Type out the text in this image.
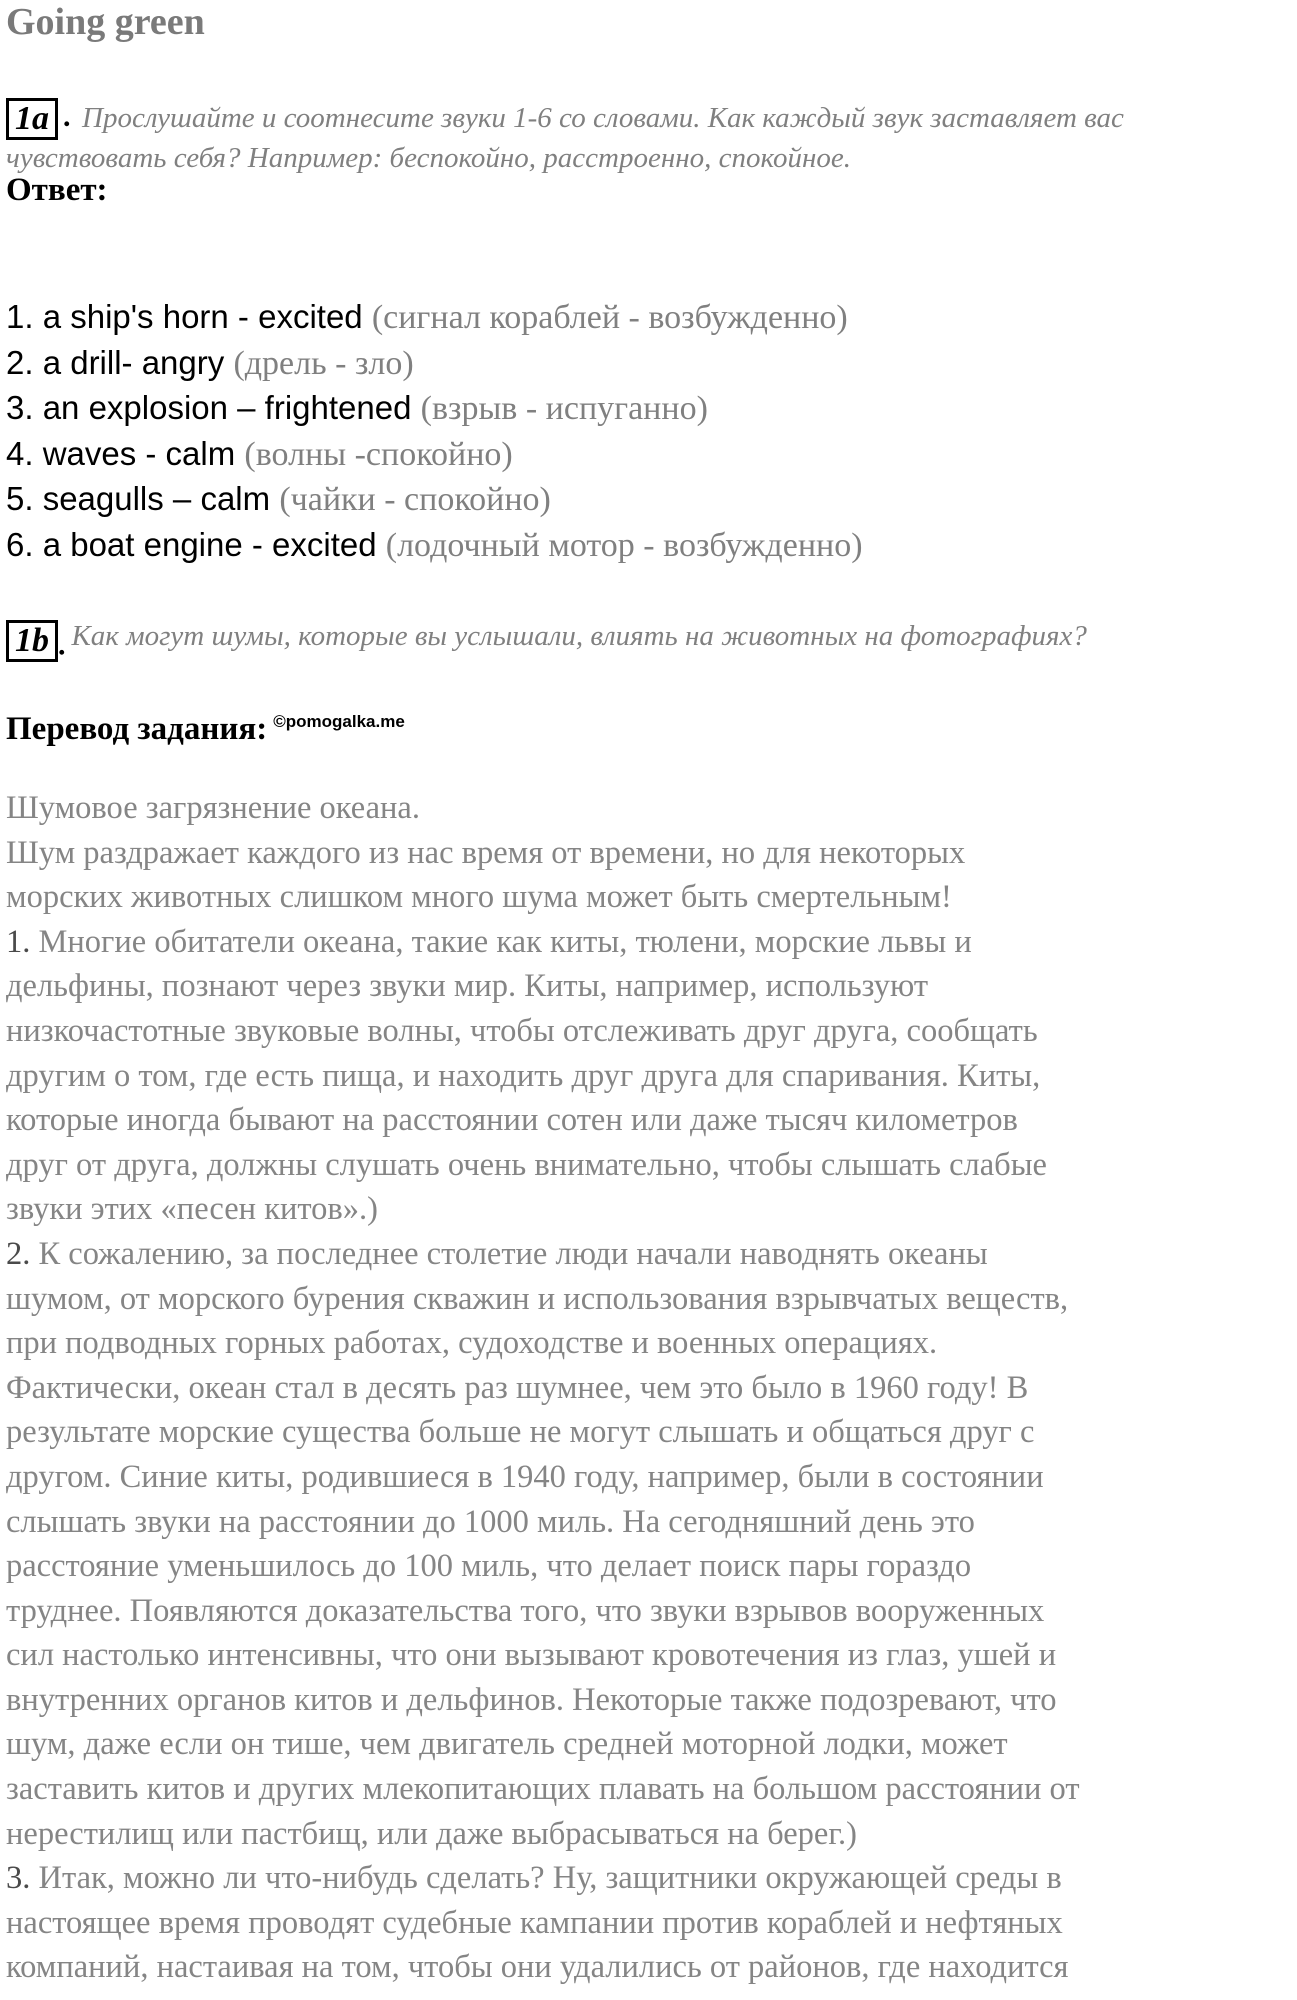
Going green
1a . Прослушайте и соотнесите звуки 1-6 со словами. Как каждый звук заставляет вас
чувствовать себя? Например: беспокойно, расстроенно, спокойное.
Ответ:
1. a ship's horn - excited (сигнал кораблей - возбужденно)
2. a drill- angry (дрель - зло)
3. an explosion – frightened (взрыв - испуганно)
4. waves - calm (волны -спокойно)
5. seagulls – calm (чайки - спокойно)
6. a boat engine - excited (лодочный мотор - возбужденно)
1b . Как могут шумы, которые вы услышали, влиять на животных на фотографиях?
Перевод задания: $^{©pomogalka.me}$
Шумовое загрязнение океана.
Шум раздражает каждого из нас время от времени, но для некоторых
морских животных слишком много шума может быть смертельным!
1. Многие обитатели океана, такие как киты, тюлени, морские львы и
дельфины, познают через звуки мир. Киты, например, используют
низкочастотные звуковые волны, чтобы отслеживать друг друга, сообщать
другим о том, где есть пища, и находить друг друга для спаривания. Киты,
которые иногда бывают на расстоянии сотен или даже тысяч километров
друг от друга, должны слушать очень внимательно, чтобы слышать слабые
звуки этих «песен китов».)
2. К сожалению, за последнее столетие люди начали наводнять океаны
шумом, от морского бурения скважин и использования взрывчатых веществ,
при подводных горных работах, судоходстве и военных операциях.
Фактически, океан стал в десять раз шумнее, чем это было в 1960 году! В
результате морские существа больше не могут слышать и общаться друг с
другом. Синие киты, родившиеся в 1940 году, например, были в состоянии
слышать звуки на расстоянии до 1000 миль. На сегодняшний день это
расстояние уменьшилось до 100 миль, что делает поиск пары гораздо
труднее. Появляются доказательства того, что звуки взрывов вооруженных
сил настолько интенсивны, что они вызывают кровотечения из глаз, ушей и
внутренних органов китов и дельфинов. Некоторые также подозревают, что
шум, даже если он тише, чем двигатель средней моторной лодки, может
заставить китов и других млекопитающих плавать на большом расстоянии от
нерестилищ или пастбищ, или даже выбрасываться на берег.)
3. Итак, можно ли что-нибудь сделать? Ну, защитники окружающей среды в
настоящее время проводят судебные кампании против кораблей и нефтяных
компаний, настаивая на том, чтобы они удалились от районов, где находится
